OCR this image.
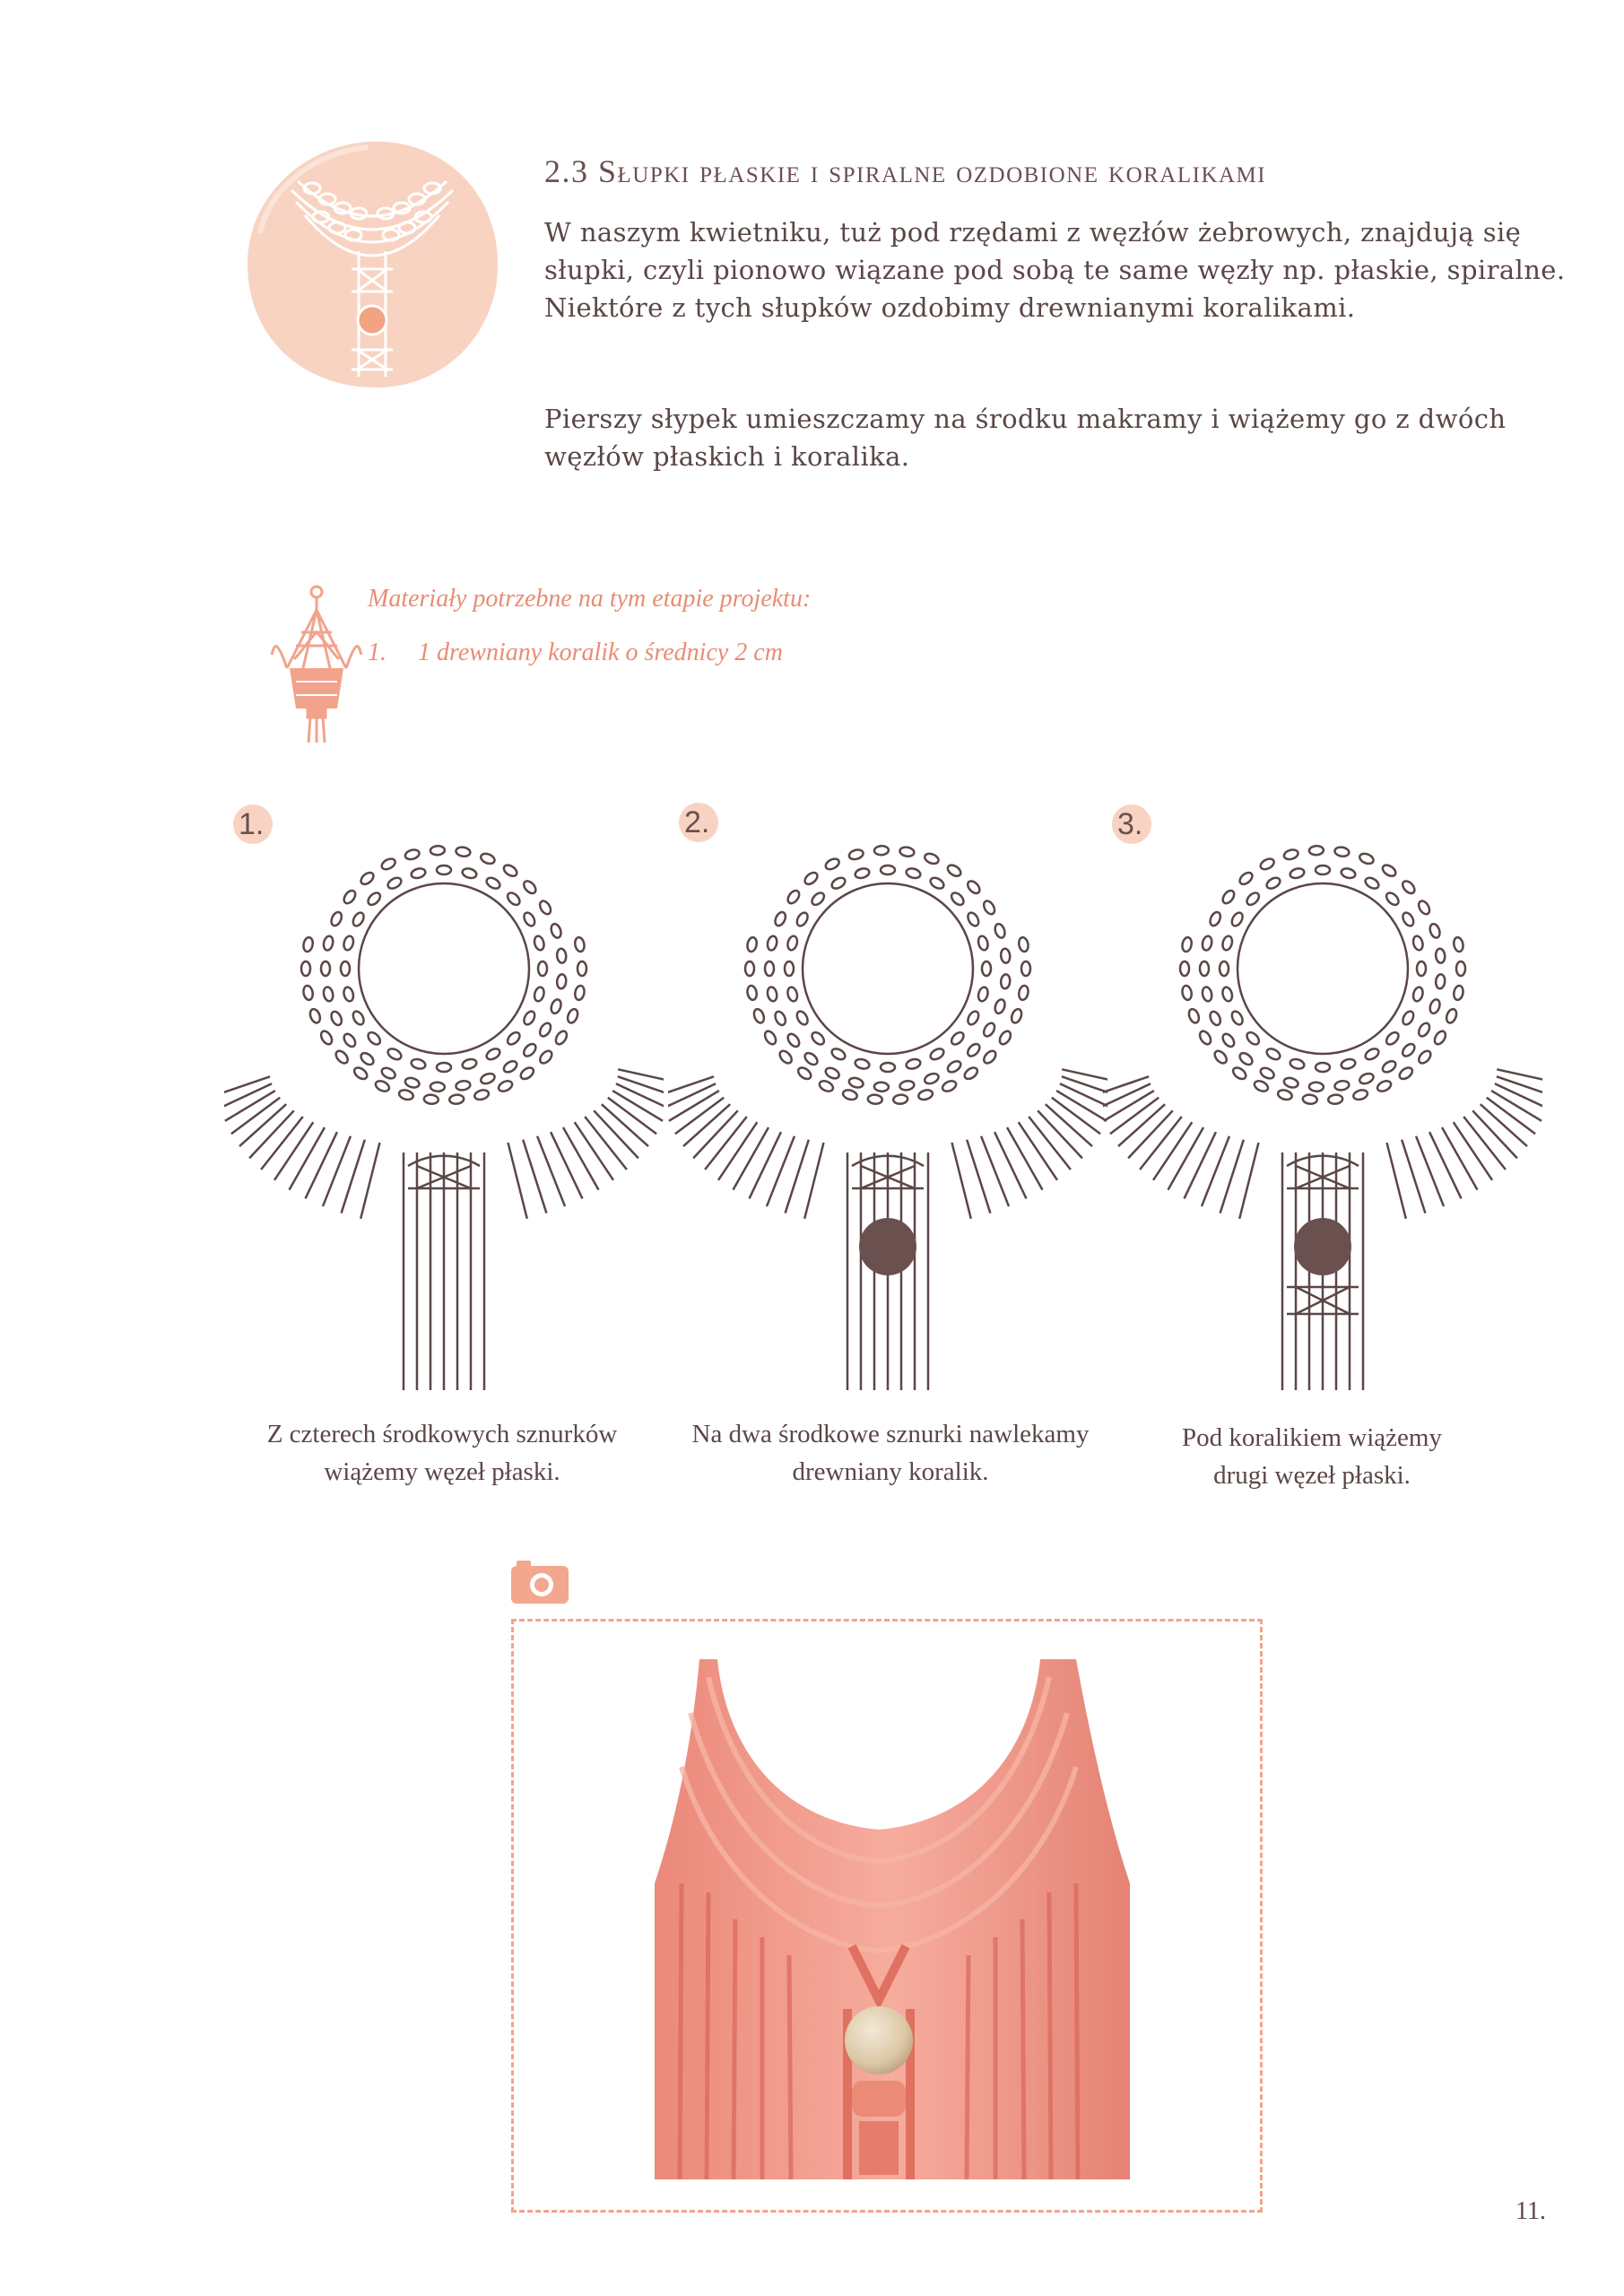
2.3 Słupki płaskie i spiralne ozdobione koralikami
W naszym kwietniku, tuż pod rzędami z węzłów żebrowych, znajdują się słupki, czyli pionowo wiązane pod sobą te same węzły np. płaskie, spiralne. Niektóre z tych słupków ozdobimy drewnianymi koralikami.
Pierszy słypek umieszczamy na środku makramy i wiążemy go z dwóch węzłów płaskich i koralika.
Materiały potrzebne na tym etapie projektu:
1. 1 drewniany koralik o średnicy 2 cm
1.	2.	3.
Z czterech środkowych sznurków
wiążemy węzeł płaski.
Na dwa środkowe sznurki nawlekamy
drewniany koralik.
Pod koralikiem wiążemy
drugi węzeł płaski.
11.
